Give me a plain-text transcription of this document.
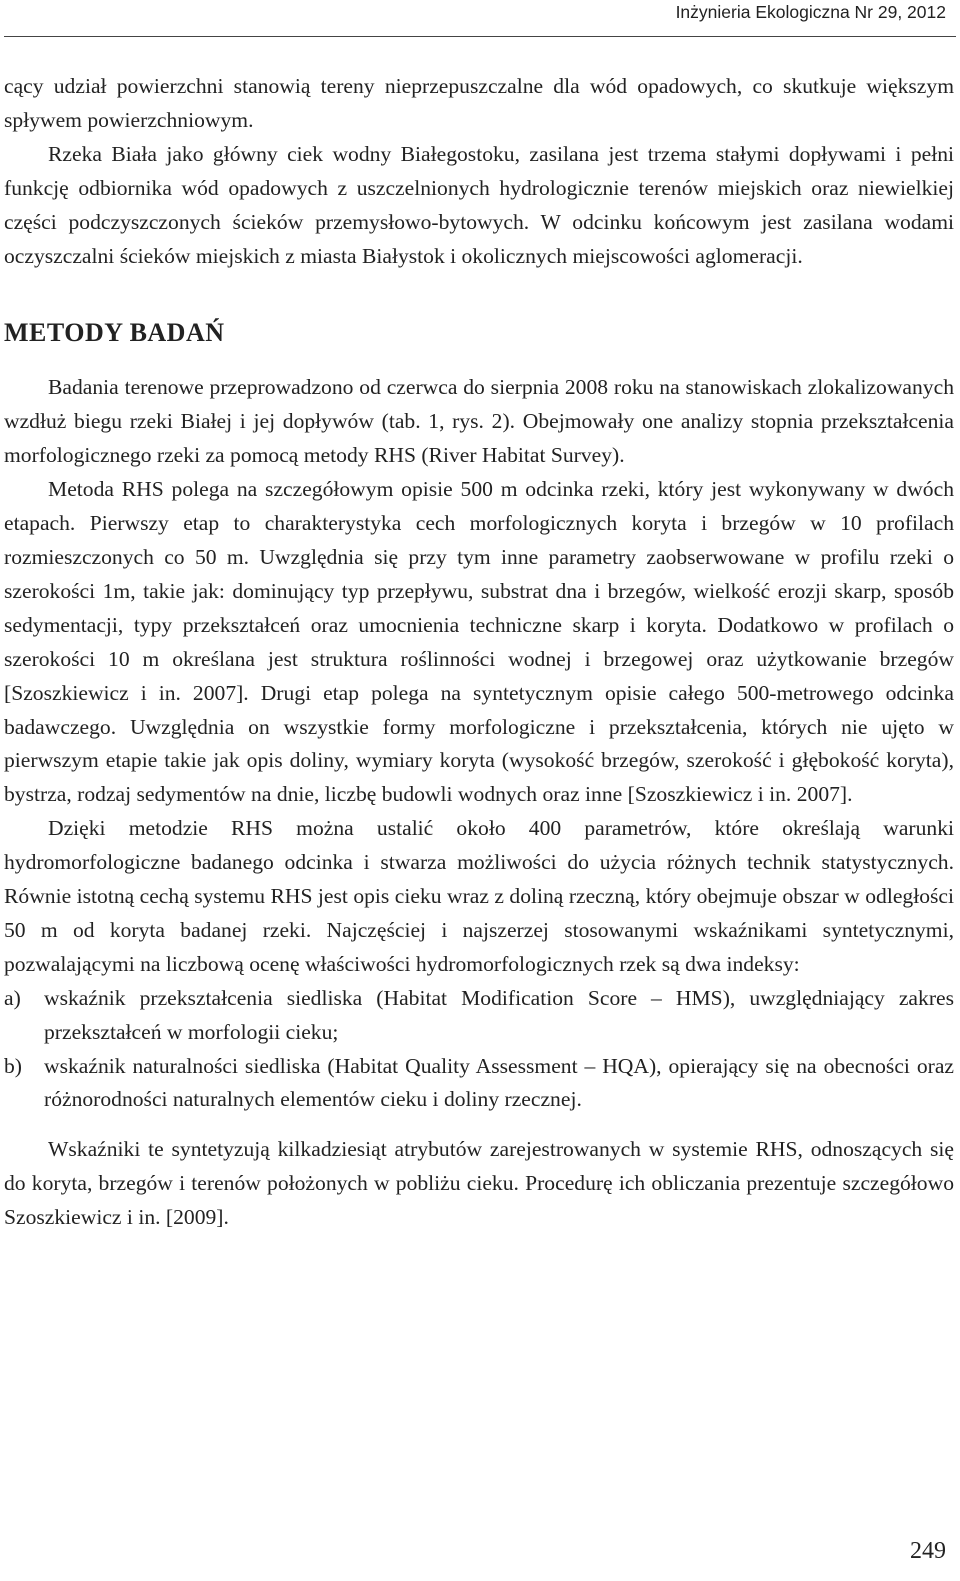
Inżynieria Ekologiczna Nr 29, 2012

cący udział powierzchni stanowią tereny nieprzepuszczalne dla wód opadowych, co skutkuje większym spływem powierzchniowym.

Rzeka Biała jako główny ciek wodny Białegostoku, zasilana jest trzema stałymi dopływami i pełni funkcję odbiornika wód opadowych z uszczelnionych hydrologicznie terenów miejskich oraz niewielkiej części podczyszczonych ścieków przemysłowo-bytowych. W odcinku końcowym jest zasilana wodami oczyszczalni ścieków miejskich z miasta Białystok i okolicznych miejscowości aglomeracji.

METODY BADAŃ

Badania terenowe przeprowadzono od czerwca do sierpnia 2008 roku na stanowiskach zlokalizowanych wzdłuż biegu rzeki Białej i jej dopływów (tab. 1, rys. 2). Obejmowały one analizy stopnia przekształcenia morfologicznego rzeki za pomocą metody RHS (River Habitat Survey).

Metoda RHS polega na szczegółowym opisie 500 m odcinka rzeki, który jest wykonywany w dwóch etapach. Pierwszy etap to charakterystyka cech morfologicznych koryta i brzegów w 10 profilach rozmieszczonych co 50 m. Uwzględnia się przy tym inne parametry zaobserwowane w profilu rzeki o szerokości 1m, takie jak: dominujący typ przepływu, substrat dna i brzegów, wielkość erozji skarp, sposób sedymentacji, typy przekształceń oraz umocnienia techniczne skarp i koryta. Dodatkowo w profilach o szerokości 10 m określana jest struktura roślinności wodnej i brzegowej oraz użytkowanie brzegów [Szoszkiewicz i in. 2007]. Drugi etap polega na syntetycznym opisie całego 500-metrowego odcinka badawczego. Uwzględnia on wszystkie formy morfologiczne i przekształcenia, których nie ujęto w pierwszym etapie takie jak opis doliny, wymiary koryta (wysokość brzegów, szerokość i głębokość koryta), bystrza, rodzaj sedymentów na dnie, liczbę budowli wodnych oraz inne [Szoszkiewicz i in. 2007].

Dzięki metodzie RHS można ustalić około 400 parametrów, które określają warunki hydromorfologiczne badanego odcinka i stwarza możliwości do użycia różnych technik statystycznych. Równie istotną cechą systemu RHS jest opis cieku wraz z doliną rzeczną, który obejmuje obszar w odległości 50 m od koryta badanej rzeki. Najczęściej i najszerzej stosowanymi wskaźnikami syntetycznymi, pozwalającymi na liczbową ocenę właściwości hydromorfologicznych rzek są dwa indeksy:

a) wskaźnik przekształcenia siedliska (Habitat Modification Score – HMS), uwzględniający zakres przekształceń w morfologii cieku;
b) wskaźnik naturalności siedliska (Habitat Quality Assessment – HQA), opierający się na obecności oraz różnorodności naturalnych elementów cieku i doliny rzecznej.

Wskaźniki te syntetyzują kilkadziesiąt atrybutów zarejestrowanych w systemie RHS, odnoszących się do koryta, brzegów i terenów położonych w pobliżu cieku. Procedurę ich obliczania prezentuje szczegółowo Szoszkiewicz i in. [2009].

249
